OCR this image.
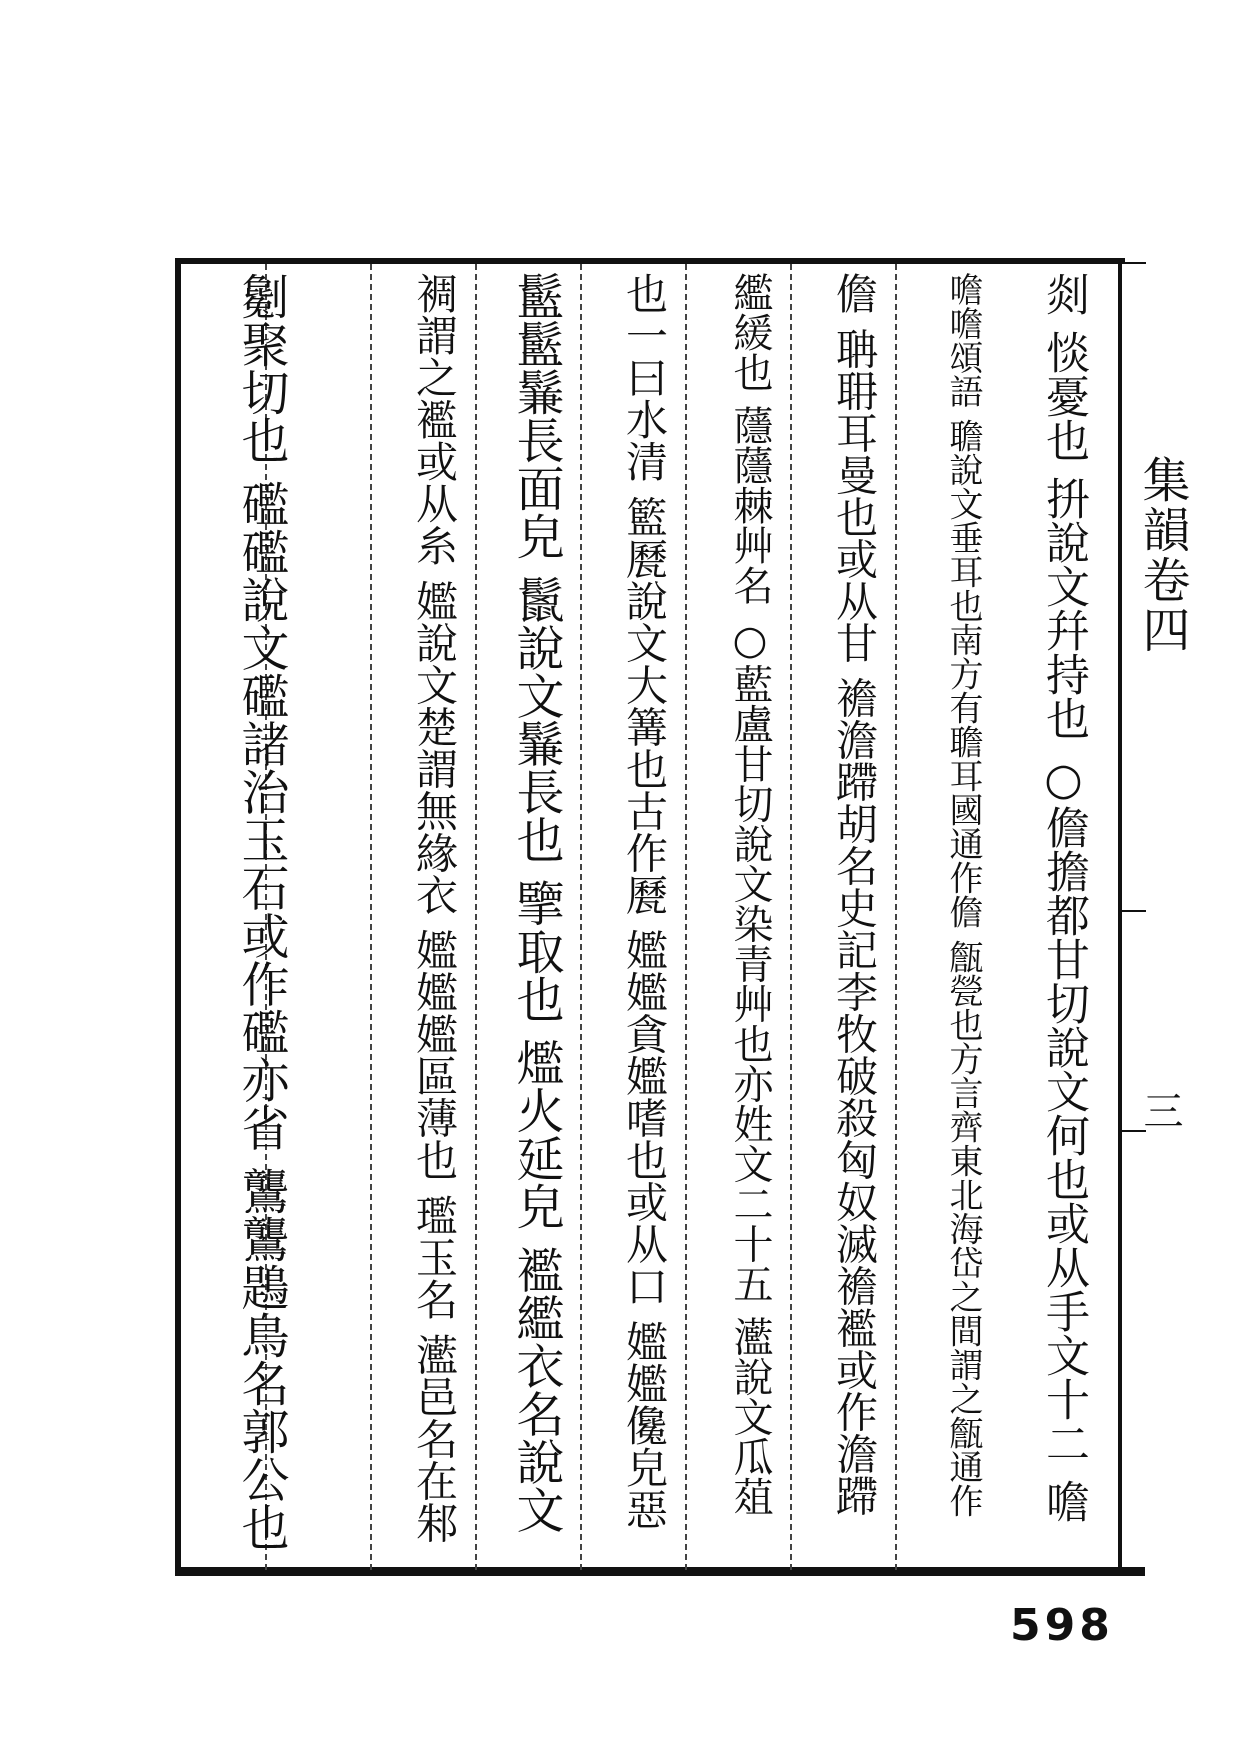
集韻卷四
三
剡 惔憂也 抍說文幷持也 ○儋擔都甘切說文何也或从手文十二 噡
噡噡頌語 聸說文垂耳也南方有聸耳國通作儋 甔甇也方言齊東北海岱之間謂之甔通作
儋 聃耼耳曼也或从甘 襜澹蹛胡名史記李牧破殺匈奴滅襜襤或作澹蹛
繿緩也 蘟蘟棘艸名 ○藍盧甘切說文染青艸也亦姓文二十五 灆說文瓜葅
也一曰水清 籃㽁說文大篝也古作㽁 㜮㜮貪㜮嗜也或从口 㜮㜮儳皃惡
䰐䰐鬑長面皃 鬛說文鬑長也 擥取也 爁火延皃 襤繿衣名說文
裯謂之襤或从糸 㜮說文楚謂無緣衣 㜮㜮㜮區薄也 璼玉名 灆邑名在邾
劖聚切也 礛礛說文礛諸治玉石或作礛亦省 鸗鸗鶗鳥名郭公也
598
